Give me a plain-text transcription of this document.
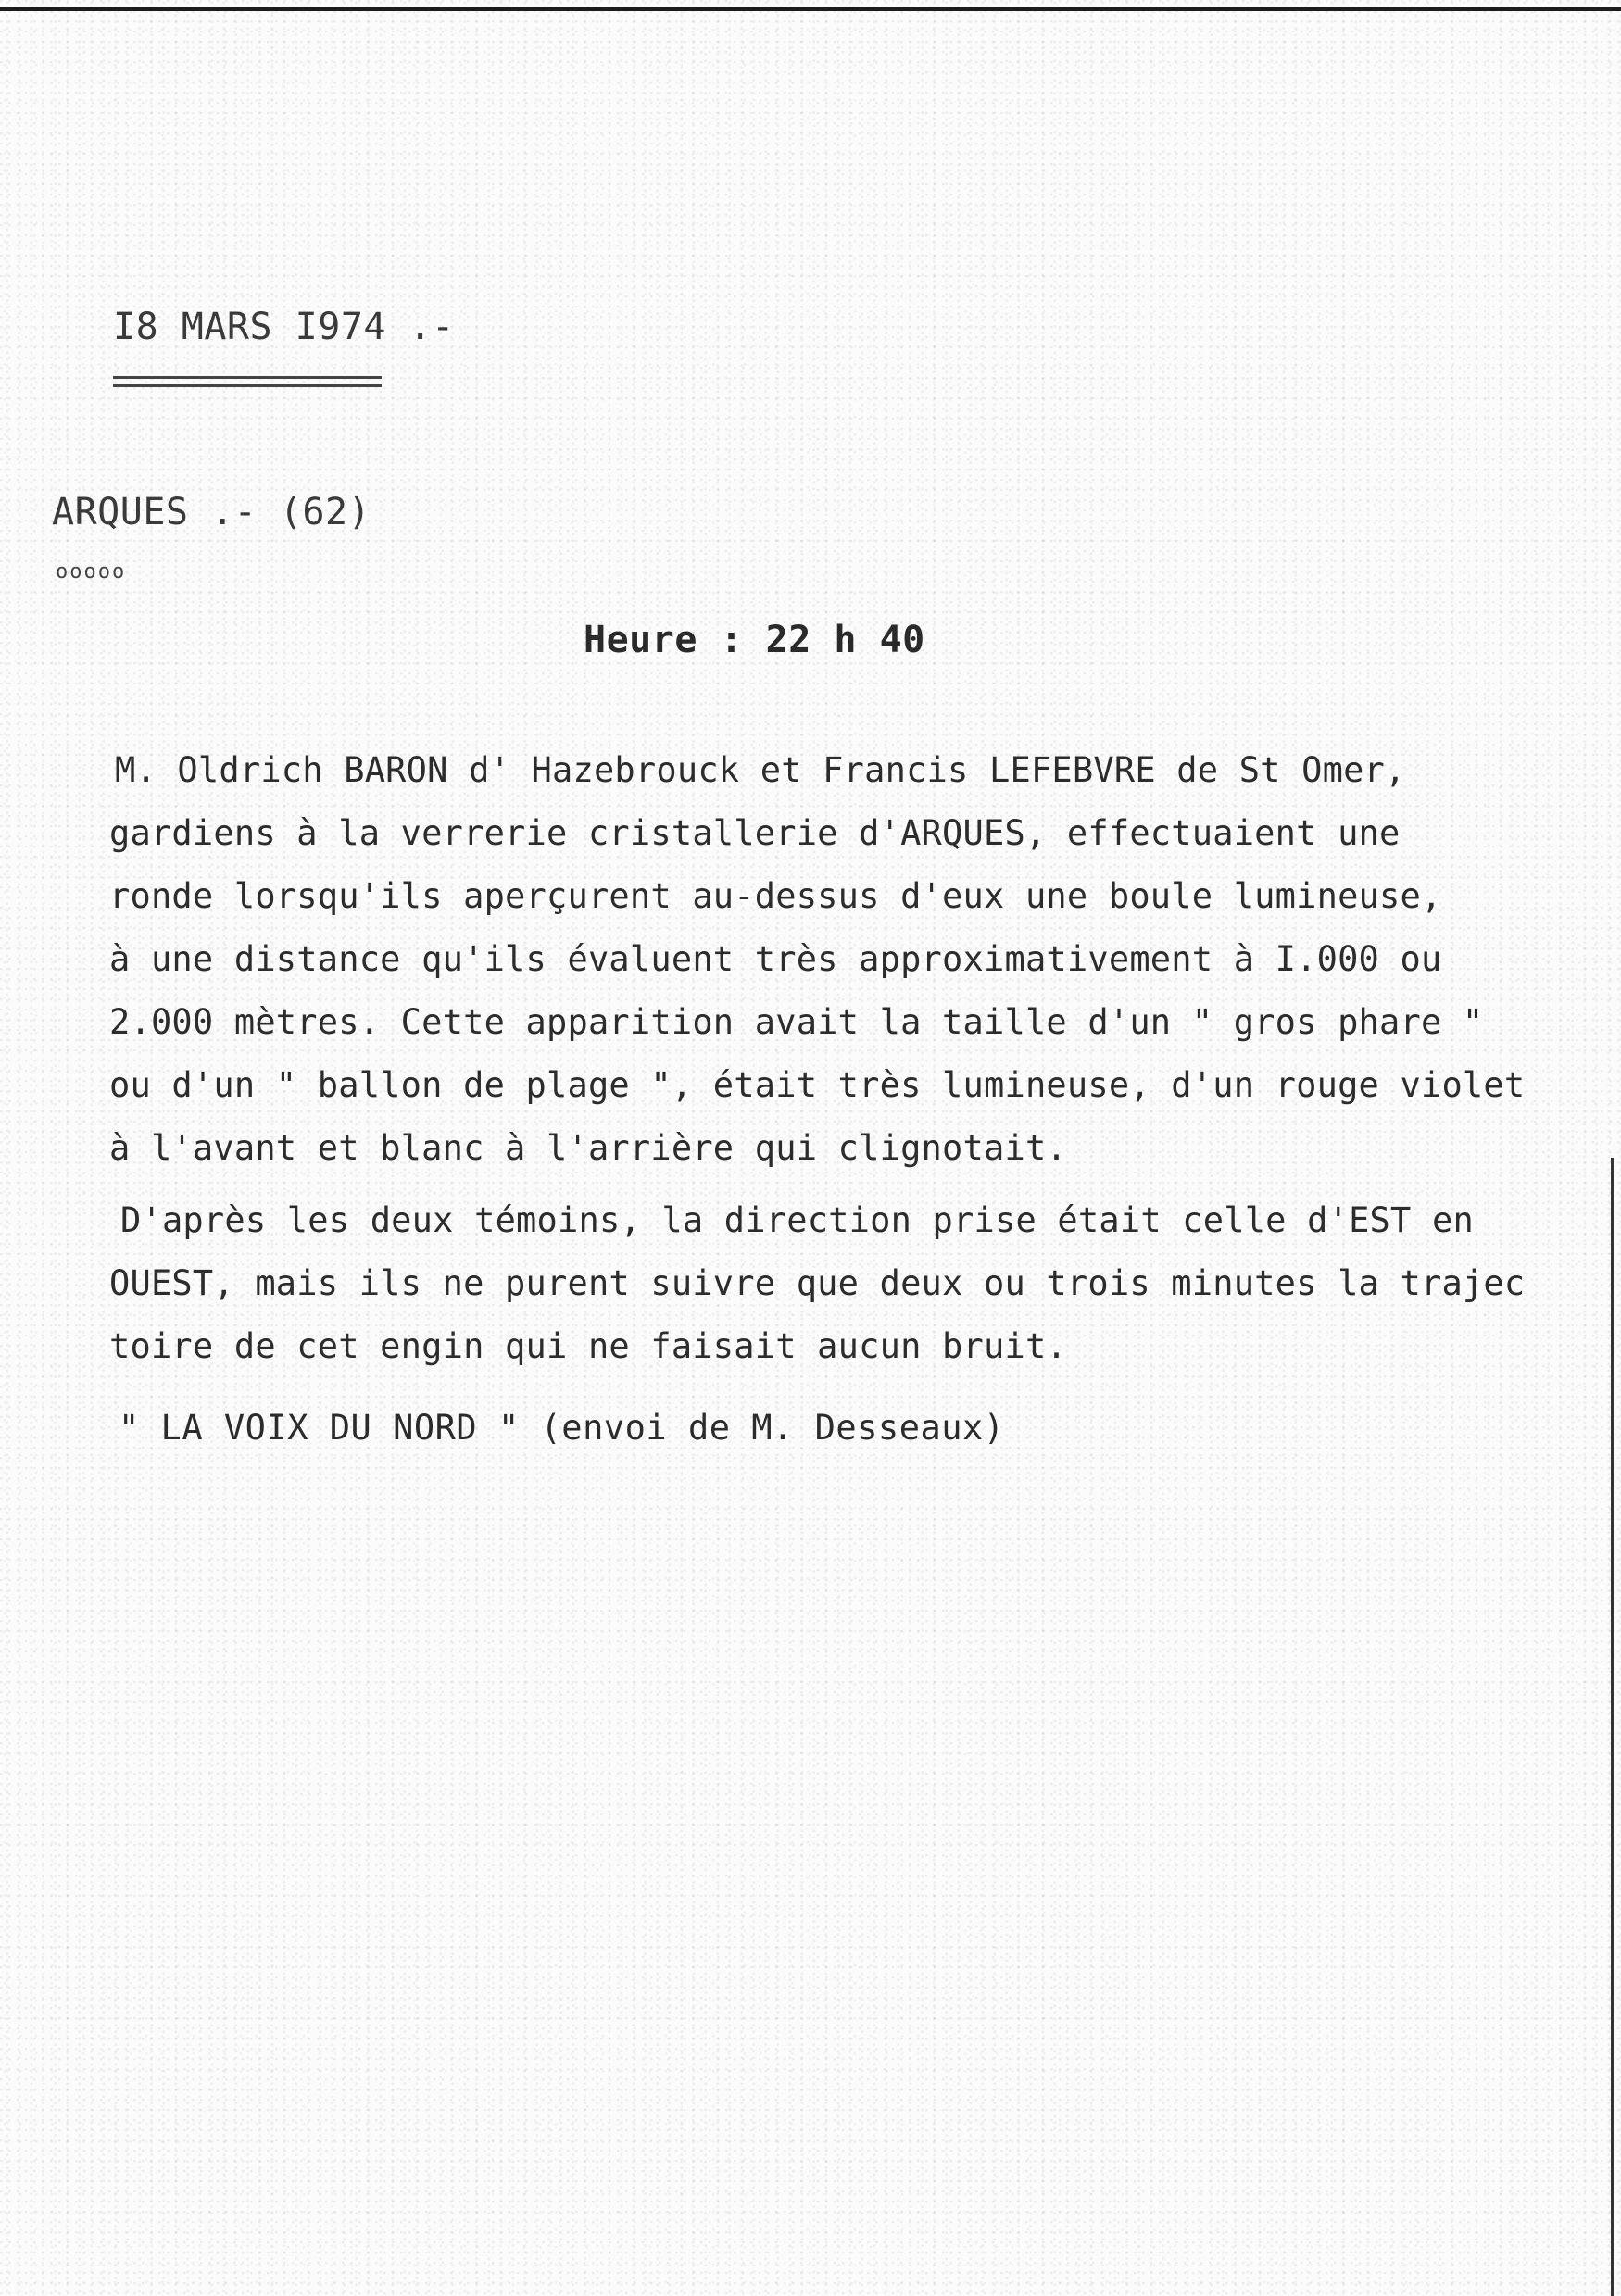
I8 MARS I974 .-
ARQUES .- (62)
ooooo
Heure : 22 h 40
M. Oldrich BARON d' Hazebrouck et Francis LEFEBVRE de St Omer,
gardiens à la verrerie cristallerie d'ARQUES, effectuaient une
ronde lorsqu'ils aperçurent au-dessus d'eux une boule lumineuse,
à une distance qu'ils évaluent très approximativement à I.000 ou
2.000 mètres. Cette apparition avait la taille d'un " gros phare "
ou d'un " ballon de plage ", était très lumineuse, d'un rouge violet
à l'avant et blanc à l'arrière qui clignotait.
D'après les deux témoins, la direction prise était celle d'EST en
OUEST, mais ils ne purent suivre que deux ou trois minutes la trajec
toire de cet engin qui ne faisait aucun bruit.
" LA VOIX DU NORD " (envoi de M. Desseaux)
